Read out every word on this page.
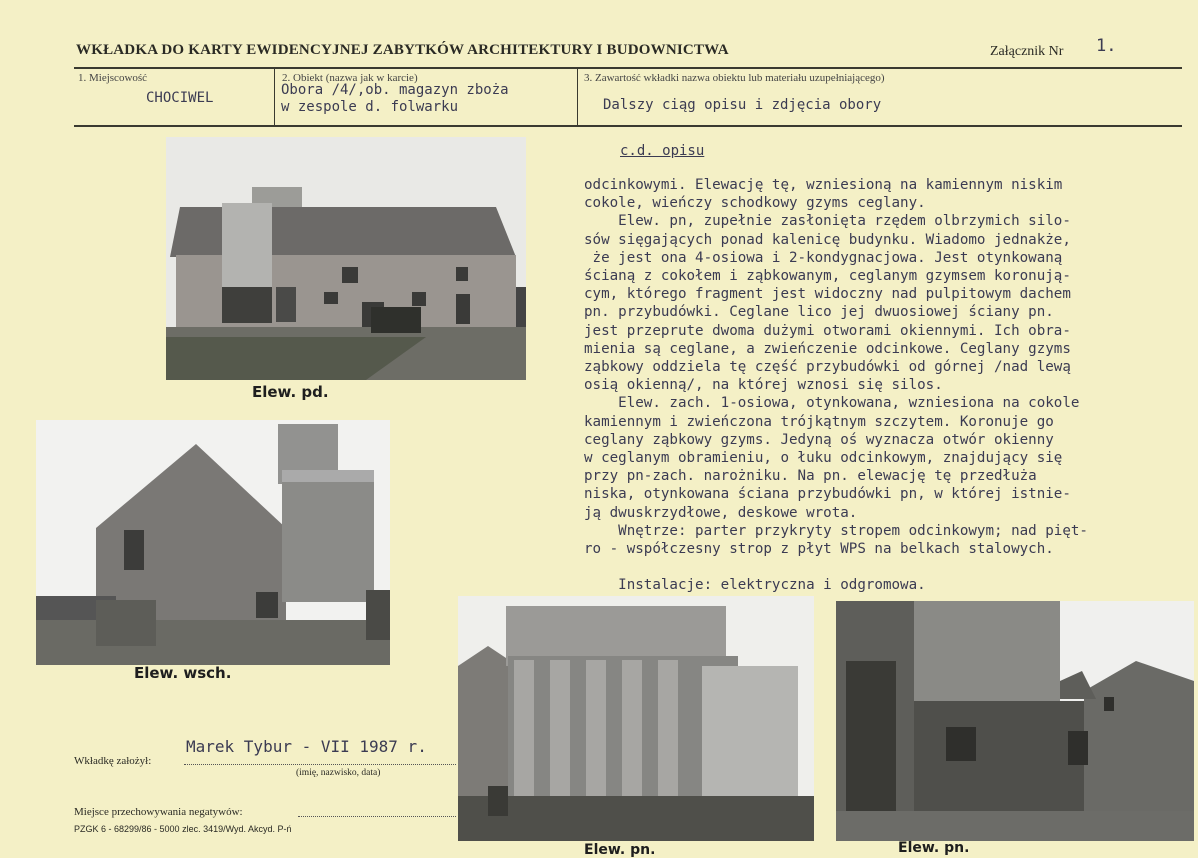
WKŁADKA DO KARTY EWIDENCYJNEJ ZABYTKÓW ARCHITEKTURY I BUDOWNICTWA	Załącznik Nr 1.
1. Miejscowość
CHOCIWEL
2. Obiekt (nazwa jak w karcie)
Obora /4/,ob. magazyn zboża
w zespole d. folwarku
3. Zawartość wkładki nazwa obiektu lub materiału uzupełniającego)
Dalszy ciąg opisu i zdjęcia obory
Elew. pd.
Elew. wsch.
Elew. pn.	Elew. pn.
c.d. opisu
odcinkowymi. Elewację tę, wzniesioną na kamiennym niskim
cokole, wieńczy schodkowy gzyms ceglany.
Elew. pn, zupełnie zasłonięta rzędem olbrzymich silo-
sów sięgających ponad kalenicę budynku. Wiadomo jednakże,
że jest ona 4-osiowa i 2-kondygnacjowa. Jest otynkowaną
ścianą z cokołem i ząbkowanym, ceglanym gzymsem koronują-
cym, którego fragment jest widoczny nad pulpitowym dachem
pn. przybudówki. Ceglane lico jej dwuosiowej ściany pn.
jest przeprute dwoma dużymi otworami okiennymi. Ich obra-
mienia są ceglane, a zwieńczenie odcinkowe. Ceglany gzyms
ząbkowy oddziela tę część przybudówki od górnej /nad lewą
osią okienną/, na której wznosi się silos.
Elew. zach. 1-osiowa, otynkowana, wzniesiona na cokole
kamiennym i zwieńczona trójkątnym szczytem. Koronuje go
ceglany ząbkowy gzyms. Jedyną oś wyznacza otwór okienny
w ceglanym obramieniu, o łuku odcinkowym, znajdujący się
przy pn-zach. narożniku. Na pn. elewację tę przedłuża
niska, otynkowana ściana przybudówki pn, w której istnie-
ją dwuskrzydłowe, deskowe wrota.
Wnętrze: parter przykryty stropem odcinkowym; nad pięt-
ro - współczesny strop z płyt WPS na belkach stalowych.

Instalacje: elektryczna i odgromowa.
Wkładkę założył:
Marek Tybur - VII 1987 r.
(imię, nazwisko, data)
Miejsce przechowywania negatywów:
PZGK 6 - 68299/86 - 5000 zlec. 3419/Wyd. Akcyd. P-ń
